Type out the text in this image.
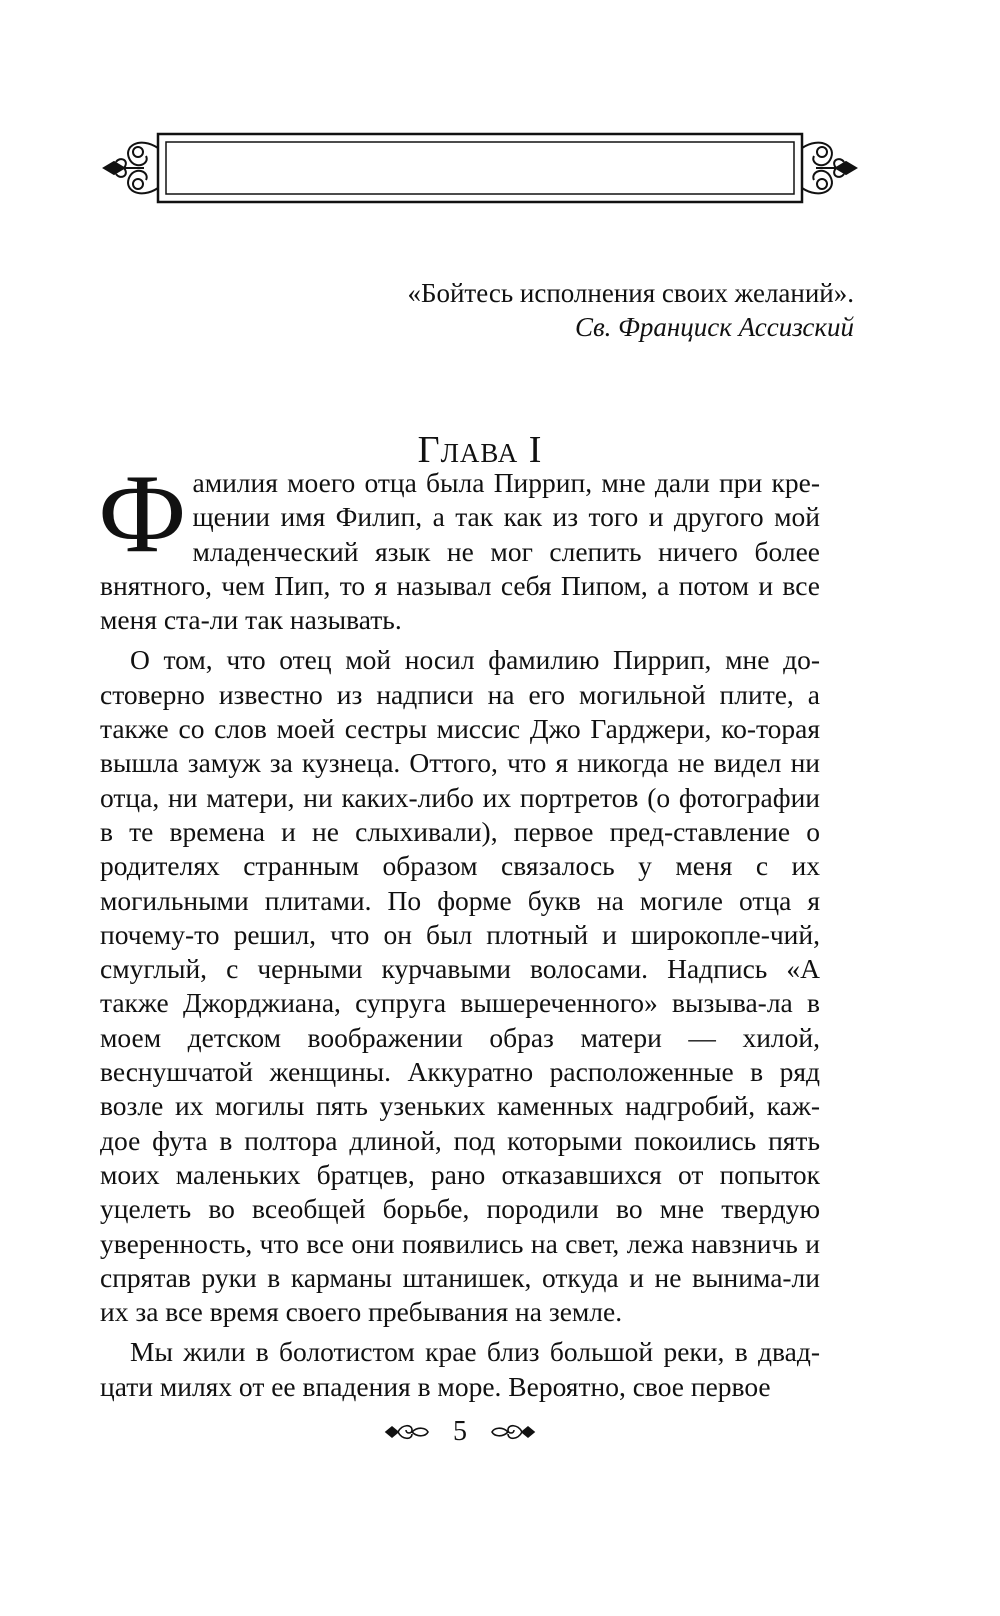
«Бойтесь исполнения своих желаний».
Св. Франциск Ассизский
Глава I

Фамилия моего отца была Пиррип, мне дали при кре-щении имя Филип, а так как из того и другого мой младенческий язык не мог слепить ничего более внятного, чем Пип, то я называл себя Пипом, а потом и все меня ста-ли так называть.

О том, что отец мой носил фамилию Пиррип, мне до-стоверно известно из надписи на его могильной плите, а также со слов моей сестры миссис Джо Гарджери, ко-торая вышла замуж за кузнеца. Оттого, что я никогда не видел ни отца, ни матери, ни каких-либо их портретов (о фотографии в те времена и не слыхивали), первое пред-ставление о родителях странным образом связалось у меня с их могильными плитами. По форме букв на могиле отца я почему-то решил, что он был плотный и широкопле-чий, смуглый, с черными курчавыми волосами. Надпись «А также Джорджиана, супруга вышереченного» вызыва-ла в моем детском воображении образ матери — хилой, веснушчатой женщины. Аккуратно расположенные в ряд возле их могилы пять узеньких каменных надгробий, каж-дое фута в полтора длиной, под которыми покоились пять моих маленьких братцев, рано отказавшихся от попыток уцелеть во всеобщей борьбе, породили во мне твердую уверенность, что все они появились на свет, лежа навзничь и спрятав руки в карманы штанишек, откуда и не вынима-ли их за все время своего пребывания на земле.

Мы жили в болотистом крае близ большой реки, в двад-цати милях от ее впадения в море. Вероятно, свое первое

5
